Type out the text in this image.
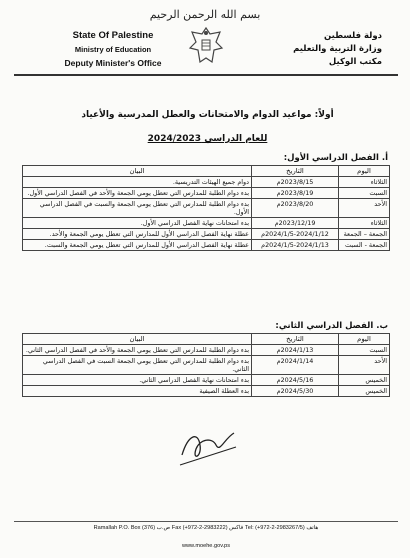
بسم الله الرحمن الرحيم
State Of Palestine
Ministry of Education
Deputy Minister's Office
دولة فلسطين
وزارة التربية والتعليم
مكتب الوكيل
أولاً: مواعيد الدوام والامتحانات والعطل المدرسية والأعياد
للعام الدراسي 2024/2023
أ. الفصل الدراسي الأول:
اليوم	التاريخ	البيان
الثلاثاء	2023/8/15م	دوام جميع الهيئات التدريسية.
السبت	2023/8/19م	بدء دوام الطلبة للمدارس التي تعطل يومي الجمعة والأحد في الفصل الدراسي الأول.
الأحد	2023/8/20م	بدء دوام الطلبة للمدارس التي تعطل يومي الجمعة والسبت في الفصل الدراسي الأول.
الثلاثاء	2023/12/19م	بدء امتحانات نهاية الفصل الدراسي الأول.
الجمعة – الجمعة	2024/1/5-2024/1/12م	عطلة نهاية الفصل الدراسي الأول للمدارس التي تعطل يومي الجمعة والأحد.
الجمعة - السبت	2024/1/5-2024/1/13م	عطلة نهاية الفصل الدراسي الأول للمدارس التي تعطل يومي الجمعة والسبت.
ب. الفصل الدراسي الثاني:
اليوم	التاريخ	البيان
السبت	2024/1/13م	بدء دوام الطلبة للمدارس التي تعطل يومي الجمعة والأحد في الفصل الدراسي الثاني.
الأحد	2024/1/14م	بدء دوام الطلبة للمدارس التي تعطل يومي الجمعة السبت في الفصل الدراسي الثاني.
الخميس	2024/5/16م	بدء امتحانات نهاية الفصل الدراسي الثاني.
الخميس	2024/5/30م	بدء العطلة الصيفية
Ramallah P.O. Box (376) ص.ب Fax (+972-2-2983222) فاكس Tel: (+972-2-2983267/5) هاتف
www.moehe.gov.ps
